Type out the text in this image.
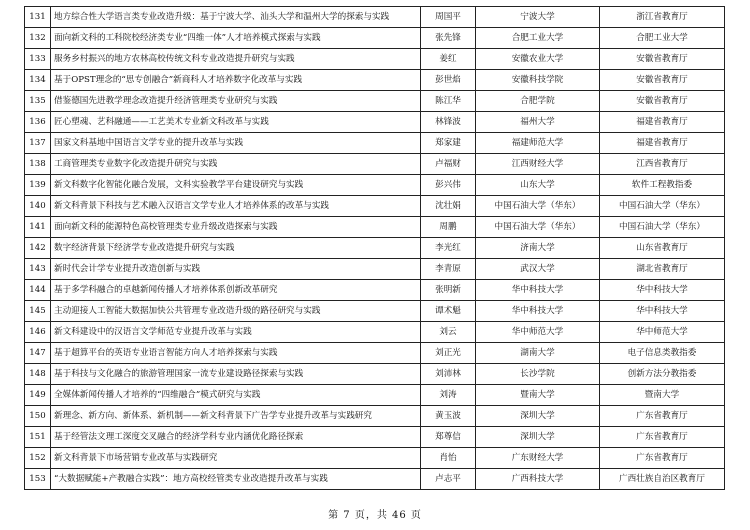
131	地方综合性大学语言类专业改造升级：基于宁波大学、汕头大学和温州大学的探索与实践	周国平	宁波大学	浙江省教育厅
132	面向新文科的工科院校经济类专业“四维一体”人才培养模式探索与实践	张先锋	合肥工业大学	合肥工业大学
133	服务乡村振兴的地方农林高校传统文科专业改造提升研究与实践	姜红	安徽农业大学	安徽省教育厅
134	基于OPST理念的“思专创融合”新商科人才培养数字化改革与实践	彭世焰	安徽科技学院	安徽省教育厅
135	借鉴德国先进教学理念改造提升经济管理类专业研究与实践	陈江华	合肥学院	安徽省教育厅
136	匠心塑魂、艺科融通——工艺美术专业新文科改革与实践	林锋波	福州大学	福建省教育厅
137	国家文科基地中国语言文学专业的提升改革与实践	郑家建	福建师范大学	福建省教育厅
138	工商管理类专业数字化改造提升研究与实践	卢福财	江西财经大学	江西省教育厅
139	新文科数字化智能化融合发展，文科实验教学平台建设研究与实践	彭兴伟	山东大学	软件工程教指委
140	新文科背景下科技与艺术融入汉语言文学专业人才培养体系的改革与实践	沈壮娟	中国石油大学（华东）	中国石油大学（华东）
141	面向新文科的能源特色高校管理类专业升级改造探索与实践	周鹏	中国石油大学（华东）	中国石油大学（华东）
142	数字经济背景下经济学专业改造提升研究与实践	李光红	济南大学	山东省教育厅
143	新时代会计学专业提升改造创新与实践	李青原	武汉大学	湖北省教育厅
144	基于多学科融合的卓越新闻传播人才培养体系创新改革研究	张明新	华中科技大学	华中科技大学
145	主动迎接人工智能大数据加快公共管理专业改造升级的路径研究与实践	谭术魁	华中科技大学	华中科技大学
146	新文科建设中的汉语言文学师范专业提升改革与实践	刘云	华中师范大学	华中师范大学
147	基于超算平台的英语专业语言智能方向人才培养探索与实践	刘正光	湖南大学	电子信息类教指委
148	基于科技与文化融合的旅游管理国家一流专业建设路径探索与实践	刘沛林	长沙学院	创新方法分教指委
149	全媒体新闻传播人才培养的“四维融合”模式研究与实践	刘涛	暨南大学	暨南大学
150	新理念、新方向、新体系、新机制——新文科背景下广告学专业提升改革与实践研究	黄玉波	深圳大学	广东省教育厅
151	基于经管法文理工深度交叉融合的经济学科专业内涵优化路径探索	郑尊信	深圳大学	广东省教育厅
152	新文科背景下市场营销专业改革与实践研究	肖怡	广东财经大学	广东省教育厅
153	“大数据赋能+产教融合实践”：地方高校经管类专业改造提升改革与实践	卢志平	广西科技大学	广西壮族自治区教育厅
第 7 页，共 46 页
